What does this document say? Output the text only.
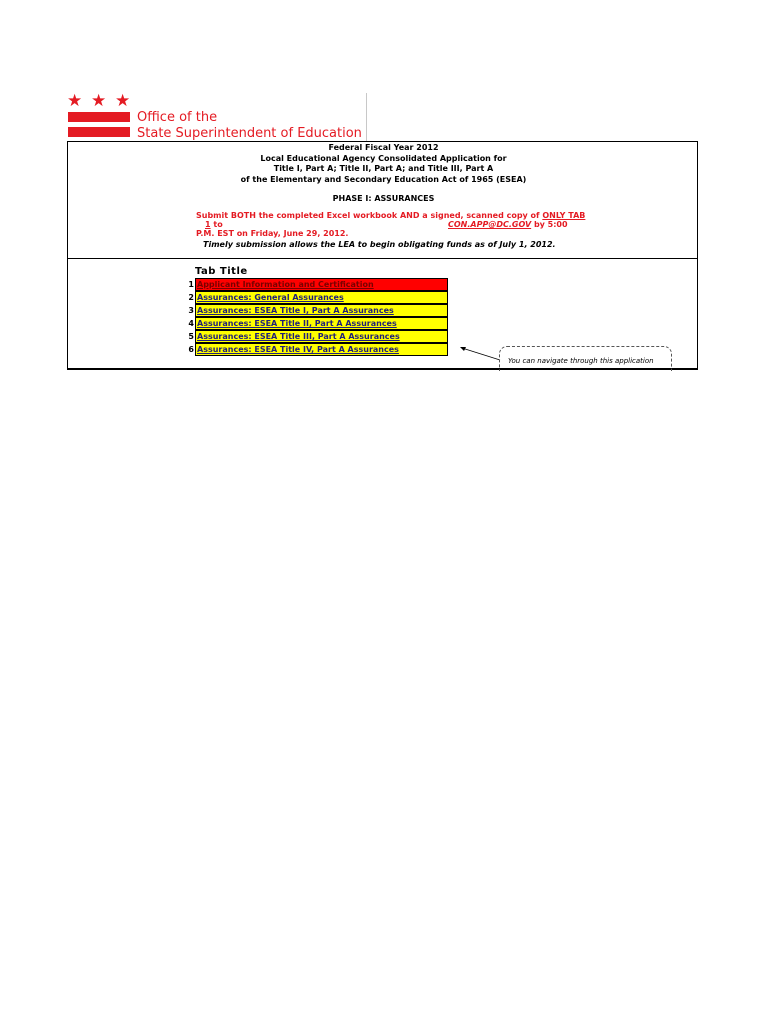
★ ★ ★
Office of the
State Superintendent of Education
Federal Fiscal Year 2012
Local Educational Agency Consolidated Application for
Title I, Part A; Title II, Part A; and Title III, Part A
of the Elementary and Secondary Education Act of 1965 (ESEA)
PHASE I: ASSURANCES
Submit BOTH the completed Excel workbook AND a signed, scanned copy of ONLY TAB
1 to	CON.APP@DC.GOV by 5:00
P.M. EST on Friday, June 29, 2012.
Timely submission allows the LEA to begin obligating funds as of July 1, 2012.
Tab Title
1 Applicant Information and Certification
2 Assurances: General Assurances
3 Assurances: ESEA Title I, Part A Assurances
4 Assurances: ESEA Title II, Part A Assurances
5 Assurances: ESEA Title III, Part A Assurances
6 Assurances: ESEA Title IV, Part A Assurances
You can navigate through this application
